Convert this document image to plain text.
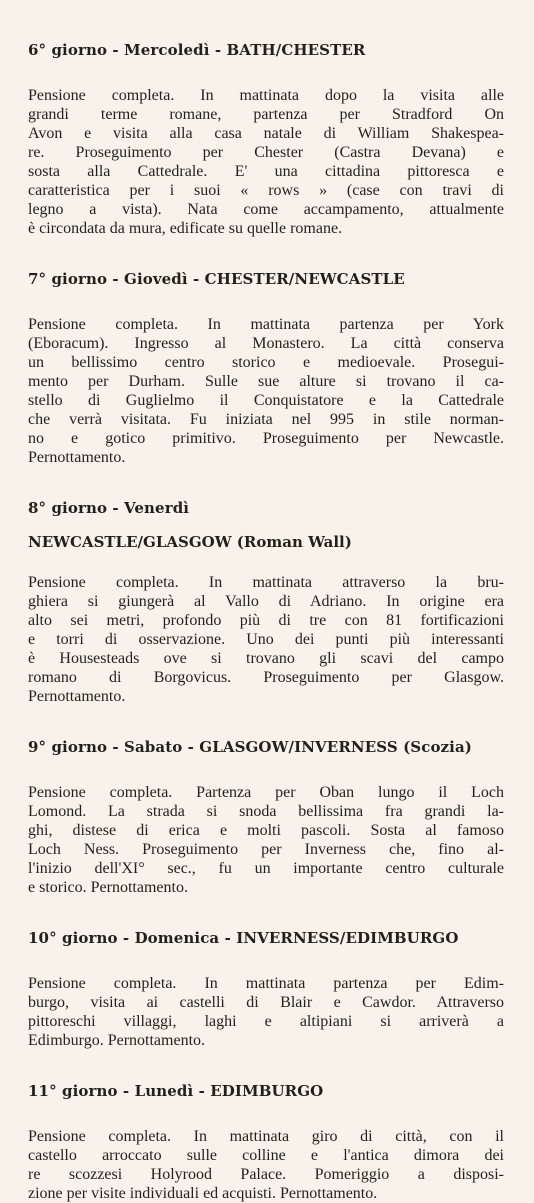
6° giorno - Mercoledì - BATH/CHESTER

Pensione completa. In mattinata dopo la visita alle
grandi terme romane, partenza per Stradford On
Avon e visita alla casa natale di William Shakespea-
re. Proseguimento per Chester (Castra Devana) e
sosta alla Cattedrale. E' una cittadina pittoresca e
caratteristica per i suoi « rows » (case con travi di
legno a vista). Nata come accampamento, attualmente
è circondata da mura, edificate su quelle romane.

7° giorno - Giovedì - CHESTER/NEWCASTLE

Pensione completa. In mattinata partenza per York
(Eboracum). Ingresso al Monastero. La città conserva
un bellissimo centro storico e medioevale. Prosegui-
mento per Durham. Sulle sue alture si trovano il ca-
stello di Guglielmo il Conquistatore e la Cattedrale
che verrà visitata. Fu iniziata nel 995 in stile norman-
no e gotico primitivo. Proseguimento per Newcastle.
Pernottamento.

8° giorno - Venerdì
NEWCASTLE/GLASGOW (Roman Wall)

Pensione completa. In mattinata attraverso la bru-
ghiera si giungerà al Vallo di Adriano. In origine era
alto sei metri, profondo più di tre con 81 fortificazioni
e torri di osservazione. Uno dei punti più interessanti
è Housesteads ove si trovano gli scavi del campo
romano di Borgovicus. Proseguimento per Glasgow.
Pernottamento.

9° giorno - Sabato - GLASGOW/INVERNESS (Scozia)

Pensione completa. Partenza per Oban lungo il Loch
Lomond. La strada si snoda bellissima fra grandi la-
ghi, distese di erica e molti pascoli. Sosta al famoso
Loch Ness. Proseguimento per Inverness che, fino al-
l'inizio dell'XI° sec., fu un importante centro culturale
e storico. Pernottamento.

10° giorno - Domenica - INVERNESS/EDIMBURGO

Pensione completa. In mattinata partenza per Edim-
burgo, visita ai castelli di Blair e Cawdor. Attraverso
pittoreschi villaggi, laghi e altipiani si arriverà a
Edimburgo. Pernottamento.

11° giorno - Lunedì - EDIMBURGO

Pensione completa. In mattinata giro di città, con il
castello arroccato sulle colline e l'antica dimora dei
re scozzesi Holyrood Palace. Pomeriggio a disposi-
zione per visite individuali ed acquisti. Pernottamento.
